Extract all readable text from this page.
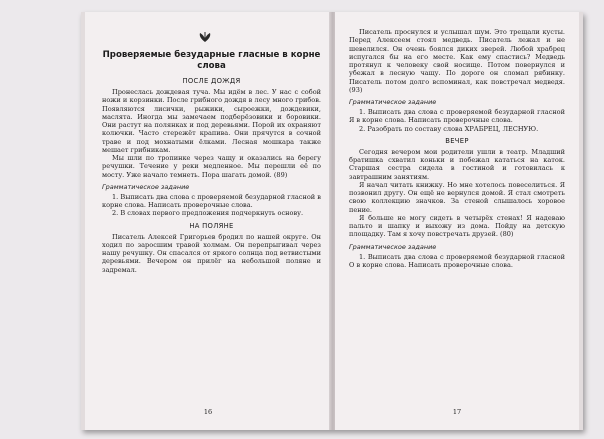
Проверяемые безударные гласные в корне слова
ПОСЛЕ ДОЖДЯ

Пронеслась дождевая туча. Мы идём в лес. У нас с собой ножи и корзинки. После грибного дождя в лесу много грибов. Появляются лисички, рыжики, сыроежки, дождевики, маслята. Иногда мы замечаем подберёзовики и боровики. Они растут на полянках и под деревьями. Порой их охраняют колючки. Часто стережёт крапива. Они прячутся в сочной траве и под мохнатыми ёлками. Лесная мошкара также мешает грибникам.

Мы шли по тропинке через чащу и оказались на берегу речушки. Течение у реки медленное. Мы перешли её по мосту. Уже начало темнеть. Пора шагать домой. (89)

Грамматическое задание

1. Выписать два слова с проверяемой безударной гласной в корне слова. Написать проверочные слова.

2. В словах первого предложения подчеркнуть основу.

НА ПОЛЯНЕ

Писатель Алексей Григорьев бродил по нашей округе. Он ходил по заросшим травой холмам. Он перепрыгивал через нашу речушку. Он спасался от яркого солнца под ветвистыми деревьями. Вечером он прилёг на небольшой поляне и задремал.

16

Писатель проснулся и услышал шум. Это трещали кусты. Перед Алексеем стоял медведь. Писатель лежал и не шевелился. Он очень боялся диких зверей. Любой храбрец испугался бы на его месте. Как ему спастись? Медведь протянул к человеку свой носище. Потом повернулся и убежал в лесную чащу. По дороге он сломал рябинку. Писатель потом долго вспоминал, как повстречал медведя. (93)

Грамматическое задание

1. Выписать два слова с проверяемой безударной гласной Я в корне слова. Написать проверочные слова.

2. Разобрать по составу слова ХРАБРЕЦ, ЛЕСНУЮ.

ВЕЧЕР

Сегодня вечером мои родители ушли в театр. Младший братишка схватил коньки и побежал кататься на каток. Старшая сестра сидела в гостиной и готовилась к завтрашним занятиям.

Я начал читать книжку. Но мне хотелось повеселиться. Я позвонил другу. Он ещё не вернулся домой. Я стал смотреть свою коллекцию значков. За стеной слышалось хоровое пение.

Я больше не могу сидеть в четырёх стенах! Я надеваю пальто и шапку и выхожу из дома. Пойду на детскую площадку. Там я хочу повстречать друзей. (80)

Грамматическое задание

1. Выписать два слова с проверяемой безударной гласной О в корне слова. Написать проверочные слова.

17
